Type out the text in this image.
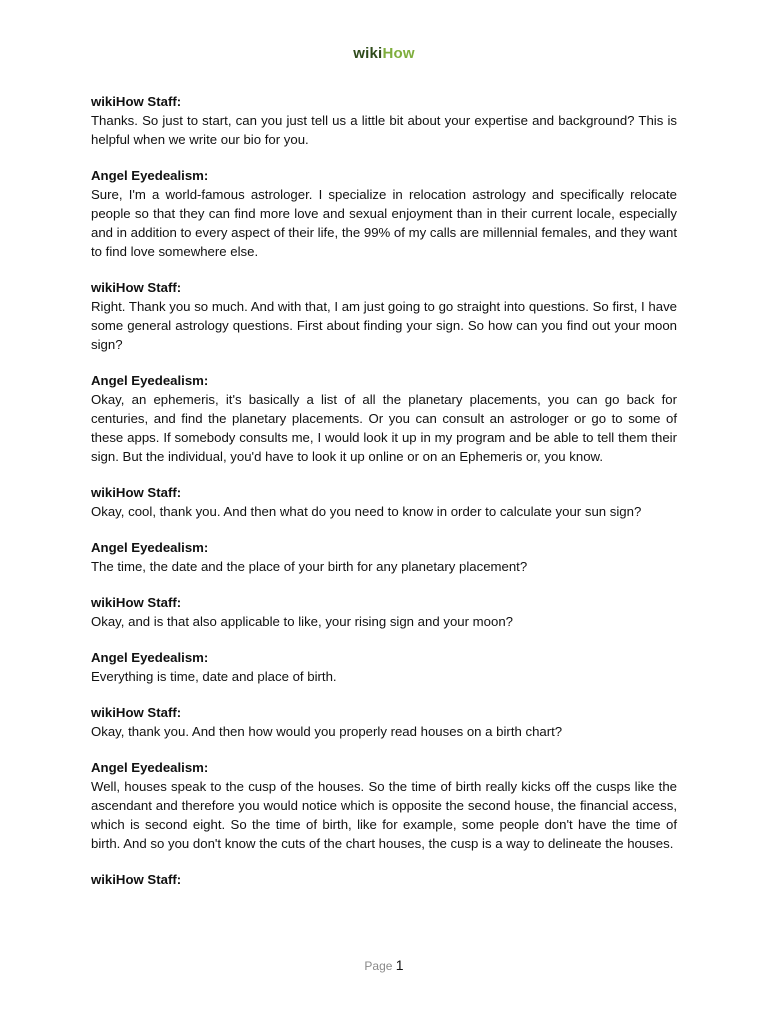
wikiHow
wikiHow Staff:
Thanks. So just to start, can you just tell us a little bit about your expertise and background? This is helpful when we write our bio for you.
Angel Eyedealism:
Sure, I'm a world-famous astrologer. I specialize in relocation astrology and specifically relocate people so that they can find more love and sexual enjoyment than in their current locale, especially and in addition to every aspect of their life, the 99% of my calls are millennial females, and they want to find love somewhere else.
wikiHow Staff:
Right. Thank you so much. And with that, I am just going to go straight into questions. So first, I have some general astrology questions. First about finding your sign. So how can you find out your moon sign?
Angel Eyedealism:
Okay, an ephemeris, it's basically a list of all the planetary placements, you can go back for centuries, and find the planetary placements. Or you can consult an astrologer or go to some of these apps. If somebody consults me, I would look it up in my program and be able to tell them their sign. But the individual, you'd have to look it up online or on an Ephemeris or, you know.
wikiHow Staff:
Okay, cool, thank you. And then what do you need to know in order to calculate your sun sign?
Angel Eyedealism:
The time, the date and the place of your birth for any planetary placement?
wikiHow Staff:
Okay, and is that also applicable to like, your rising sign and your moon?
Angel Eyedealism:
Everything is time, date and place of birth.
wikiHow Staff:
Okay, thank you. And then how would you properly read houses on a birth chart?
Angel Eyedealism:
Well, houses speak to the cusp of the houses. So the time of birth really kicks off the cusps like the ascendant and therefore you would notice which is opposite the second house, the financial access, which is second eight. So the time of birth, like for example, some people don't have the time of birth. And so you don't know the cuts of the chart houses, the cusp is a way to delineate the houses.
wikiHow Staff:
Page 1
